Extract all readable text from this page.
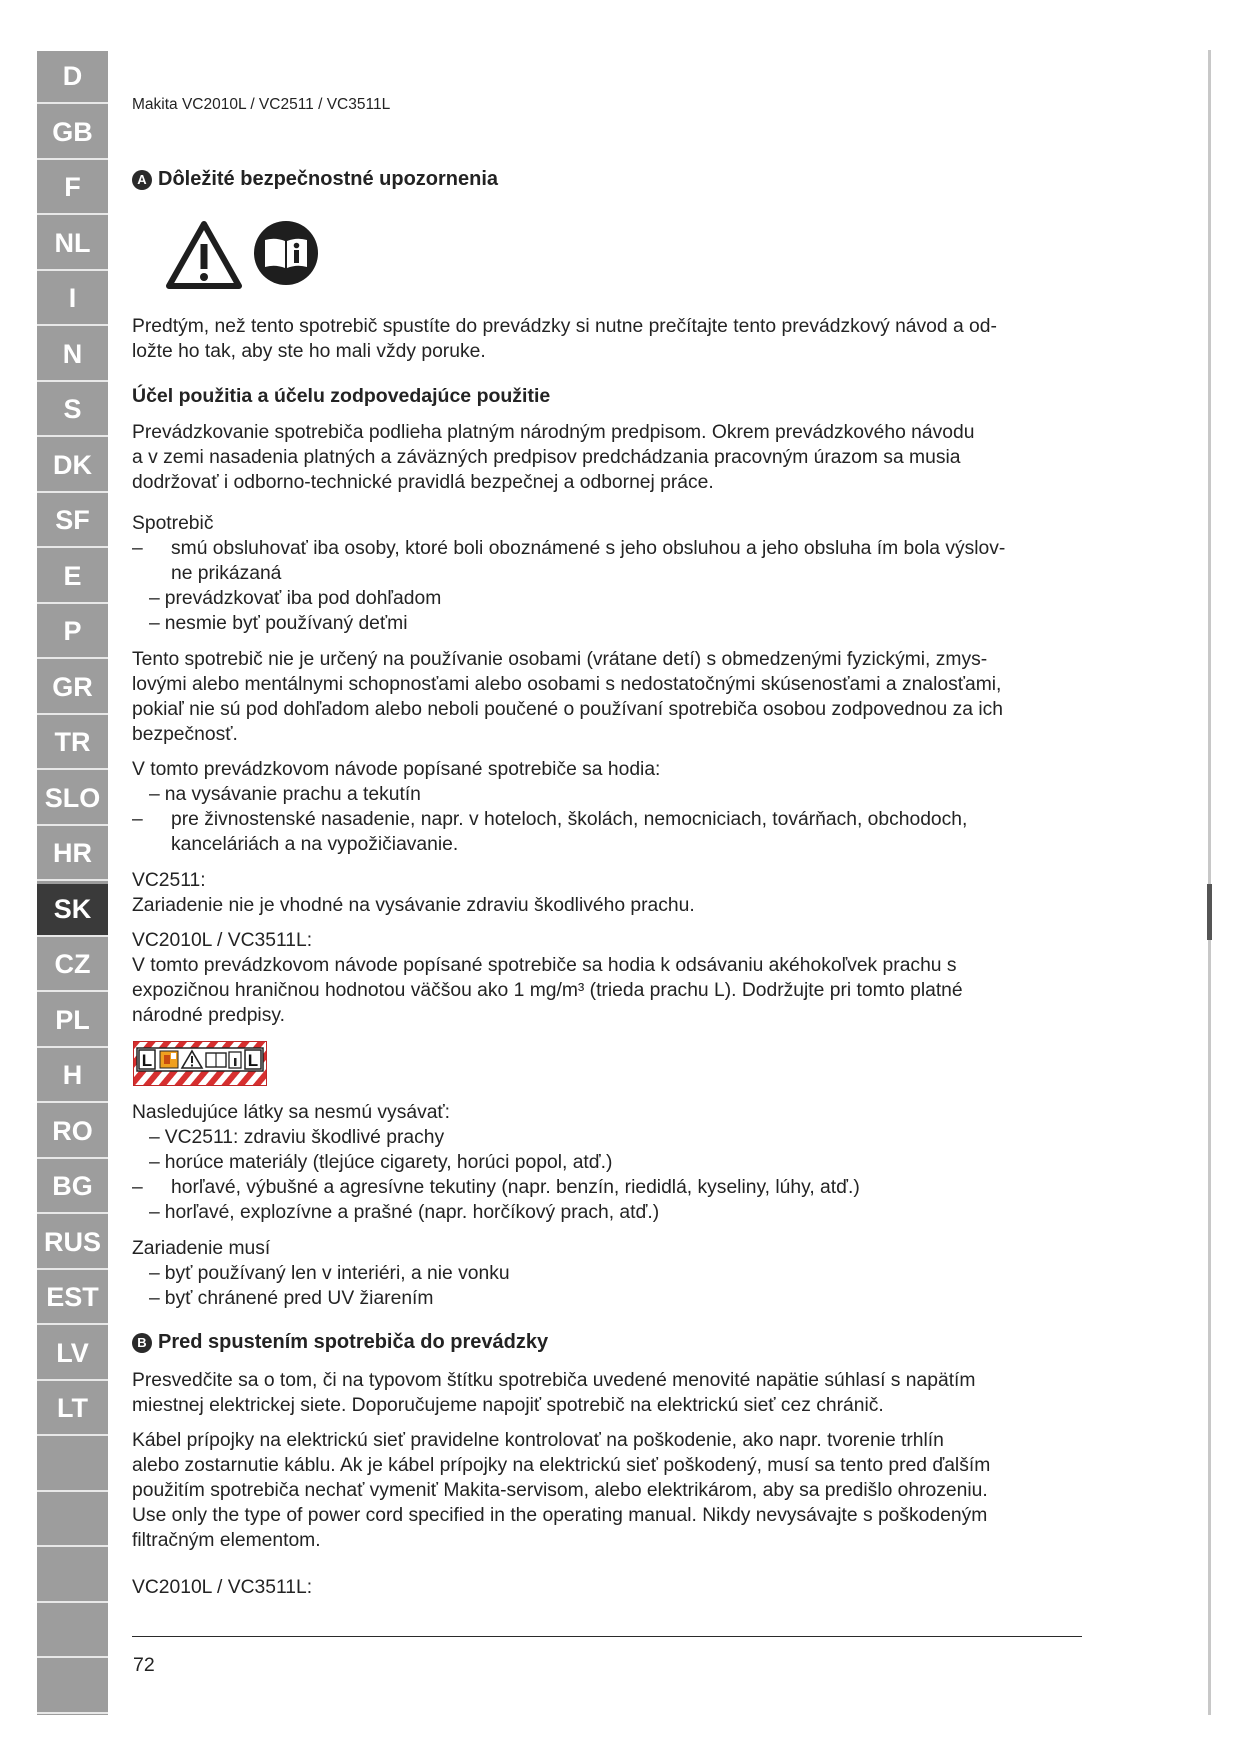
D
GB
F
NL
I
N
S
DK
SF
E
P
GR
TR
SLO
HR
SK
CZ
PL
H
RO
BG
RUS
EST
LV
LT
Makita VC2010L / VC2511 / VC3511L
A Dôležité bezpečnostné upozornenia

Predtým, než tento spotrebič spustíte do prevádzky si nutne prečítajte tento prevádzkový návod a od-

ložte ho tak, aby ste ho mali vždy poruke.

Účel použitia a účelu zodpovedajúce použitie

Prevádzkovanie spotrebiča podlieha platným národným predpisom. Okrem prevádzkového návodu

a v zemi nasadenia platných a záväzných predpisov predchádzania pracovným úrazom sa musia

dodržovať i odborno-technické pravidlá bezpečnej a odbornej práce.

Spotrebič

–	smú obsluhovať iba osoby, ktoré boli oboznámené s jeho obsluhou a jeho obsluha ím bola výslov-

ne prikázaná

– prevádzkovať iba pod dohľadom

– nesmie byť používaný deťmi

Tento spotrebič nie je určený na používanie osobami (vrátane detí) s obmedzenými fyzickými, zmys-

lovými alebo mentálnymi schopnosťami alebo osobami s nedostatočnými skúsenosťami a znalosťami,

pokiaľ nie sú pod dohľadom alebo neboli poučené o používaní spotrebiča osobou zodpovednou za ich

bezpečnosť.

V tomto prevádzkovom návode popísané spotrebiče sa hodia:

– na vysávanie prachu a tekutín

–	pre živnostenské nasadenie, napr. v hoteloch, školách, nemocniciach, továrňach, obchodoch,

kanceláriách a na vypožičiavanie.

VC2511:

Zariadenie nie je vhodné na vysávanie zdraviu škodlivého prachu.

VC2010L / VC3511L:

V tomto prevádzkovom návode popísané spotrebiče sa hodia k odsávaniu akéhokoľvek prachu s

expozičnou hraničnou hodnotou väčšou ako 1 mg/m³ (trieda prachu L). Dodržujte pri tomto platné

národné predpisy.

Nasledujúce látky sa nesmú vysávať:

– VC2511: zdraviu škodlivé prachy

– horúce materiály (tlejúce cigarety, horúci popol, atď.)

–	horľavé, výbušné a agresívne tekutiny (napr. benzín, riedidlá, kyseliny, lúhy, atď.)

– horľavé, explozívne a prašné (napr. horčíkový prach, atď.)

Zariadenie musí

– byť používaný len v interiéri, a nie vonku

– byť chránené pred UV žiarením

B Pred spustením spotrebiča do prevádzky

Presvedčite sa o tom, či na typovom štítku spotrebiča uvedené menovité napätie súhlasí s napätím

miestnej elektrickej siete. Doporučujeme napojiť spotrebič na elektrickú sieť cez chránič.

Kábel prípojky na elektrickú sieť pravidelne kontrolovať na poškodenie, ako napr. tvorenie trhlín

alebo zostarnutie káblu. Ak je kábel prípojky na elektrickú sieť poškodený, musí sa tento pred ďalším

použitím spotrebiča nechať vymeniť Makita-servisom, alebo elektrikárom, aby sa predišlo ohrozeniu.

Use only the type of power cord specified in the operating manual. Nikdy nevysávajte s poškodeným

filtračným elementom.

VC2010L / VC3511L:

L	L
72
